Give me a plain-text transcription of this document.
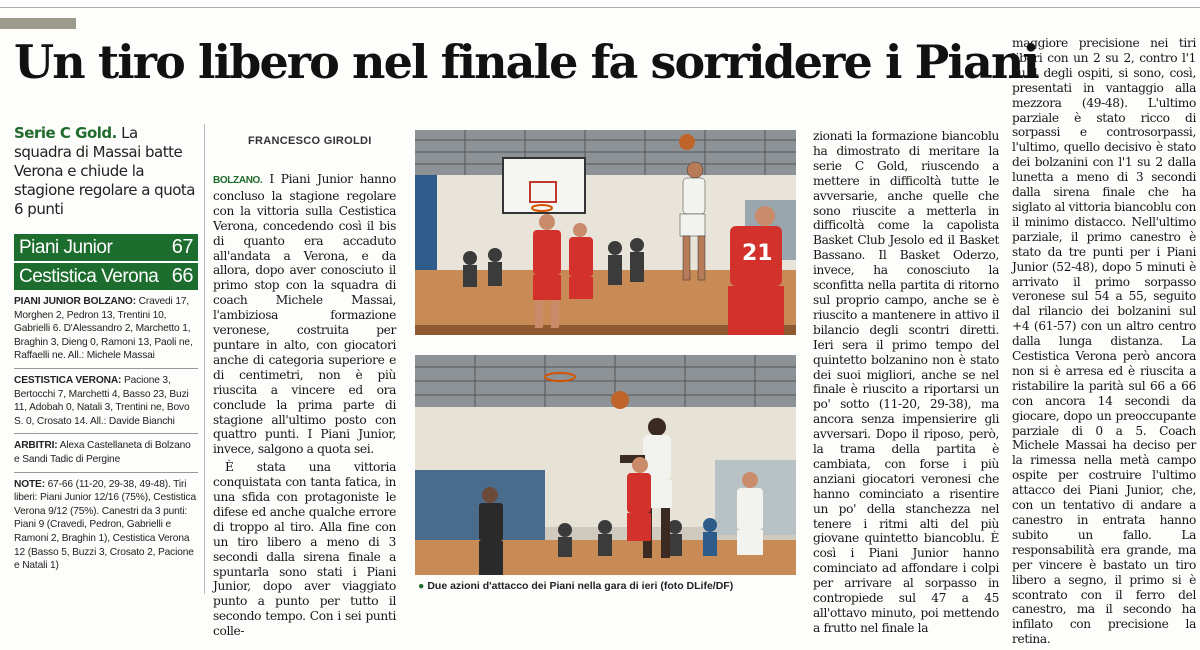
Un tiro libero nel finale fa sorridere i Piani
Serie C Gold. La squadra di Massai batte Verona e chiude la stagione regolare a quota 6 punti
Piani Junior	67
Cestistica Verona 66
PIANI JUNIOR BOLZANO: Cravedi 17, Morghen 2, Pedron 13, Trentini 10, Gabrielli 6. D'Alessandro 2, Marchetto 1, Braghin 3, Dieng 0, Ramoni 13, Paoli ne, Raffaelli ne. All.: Michele Massai
CESTISTICA VERONA: Pacione 3, Bertocchi 7, Marchetti 4, Basso 23, Buzi 11, Adobah 0, Natali 3, Trentini ne, Bovo S. 0, Crosato 14. All.: Davide Bianchi
ARBITRI: Alexa Castellaneta di Bolzano e Sandi Tadic di Pergine
NOTE: 67-66 (11-20, 29-38, 49-48). Tiri liberi: Piani Junior 12/16 (75%), Cestistica Verona 9/12 (75%). Canestri da 3 punti: Piani 9 (Cravedi, Pedron, Gabrielli e Ramoni 2, Braghin 1), Cestistica Verona 12 (Basso 5, Buzzi 3, Crosato 2, Pacione e Natali 1)
FRANCESCO GIROLDI

BOLZANO. I Piani Junior hanno concluso la stagione regolare con la vittoria sulla Cestistica Verona, concedendo così il bis di quanto era accaduto all'andata a Verona, e da allora, dopo aver conosciuto il primo stop con la squadra di coach Michele Massai, l'ambiziosa formazione veronese, costruita per puntare in alto, con giocatori anche di categoria superiore e di centimetri, non è più riuscita a vincere ed ora conclude la prima parte di stagione all'ultimo posto con quattro punti. I Piani Junior, invece, salgono a quota sei.

È stata una vittoria conquistata con tanta fatica, in una sfida con protagoniste le difese ed anche qualche errore di troppo al tiro. Alla fine con un tiro libero a meno di 3 secondi dalla sirena finale a spuntarla sono stati i Piani Junior, dopo aver viaggiato punto a punto per tutto il secondo tempo. Con i sei punti colle-

21
● Due azioni d'attacco dei Piani nella gara di ieri (foto DLife/DF)

zionati la formazione biancoblu ha dimostrato di meritare la serie C Gold, riuscendo a mettere in difficoltà tutte le avversarie, anche quelle che sono riuscite a metterla in difficoltà come la capolista Basket Club Jesolo ed il Basket Bassano. Il Basket Oderzo, invece, ha conosciuto la sconfitta nella partita di ritorno sul proprio campo, anche se è riuscito a mantenere in attivo il bilancio degli scontri diretti. Ieri sera il primo tempo del quintetto bolzanino non è stato dei suoi migliori, anche se nel finale è riuscito a riportarsi un po' sotto (11-20, 29-38), ma ancora senza impensierire gli avversari. Dopo il riposo, però, la trama della partita è cambiata, con forse i più anziani giocatori veronesi che hanno cominciato a risentire un po' della stanchezza nel tenere i ritmi alti del più giovane quintetto biancoblu. È così i Piani Junior hanno cominciato ad affondare i colpi per arrivare al sorpasso in contropiede sul 47 a 45 all'ottavo minuto, poi mettendo a frutto nel finale la

maggiore precisione nei tiri liberi con un 2 su 2, contro l'1 su 4 degli ospiti, si sono, così, presentati in vantaggio alla mezzora (49-48). L'ultimo parziale è stato ricco di sorpassi e controsorpassi, l'ultimo, quello decisivo è stato dei bolzanini con l'1 su 2 dalla lunetta a meno di 3 secondi dalla sirena finale che ha siglato al vittoria biancoblu con il minimo distacco. Nell'ultimo parziale, il primo canestro è stato da tre punti per i Piani Junior (52-48), dopo 5 minuti è arrivato il primo sorpasso veronese sul 54 a 55, seguito dal rilancio dei bolzanini sul +4 (61-57) con un altro centro dalla lunga distanza. La Cestistica Verona però ancora non si è arresa ed è riuscita a ristabilire la parità sul 66 a 66 con ancora 14 secondi da giocare, dopo un preoccupante parziale di 0 a 5. Coach Michele Massai ha deciso per la rimessa nella metà campo ospite per costruire l'ultimo attacco dei Piani Junior, che, con un tentativo di andare a canestro in entrata hanno subito un fallo. La responsabilità era grande, ma per vincere è bastato un tiro libero a segno, il primo si è scontrato con il ferro del canestro, ma il secondo ha infilato con precisione la retina.
